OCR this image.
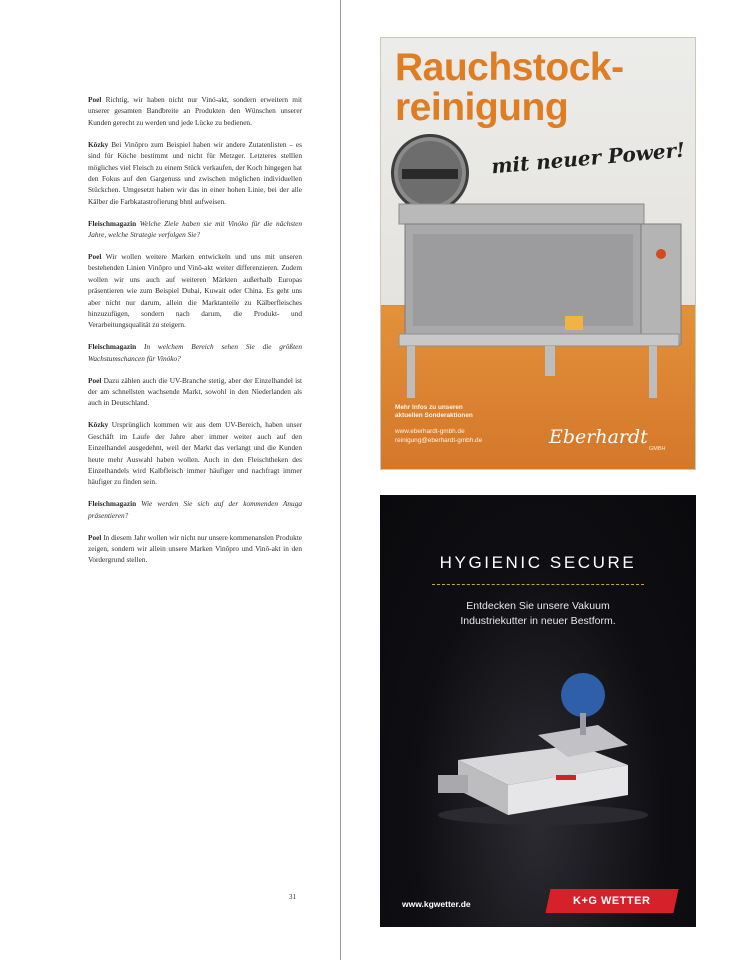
Poel Richtig, wir haben nicht nur Vinó-akt, sondern erweitern mit unserer gesamten Bandbreite an Produkten den Wünschen unserer Kunden gerecht zu werden und jede Lücke zu bedienen.

Kôzky Bei Vinõpro zum Beispiel haben wir andere Zutatenlisten – es sind für Köche bestimmt und nicht für Metzger. Letzteres stelllen mögliches viel Fleisch zu einem Stück verkaufen, der Koch hingegen hat den Fokus auf den Gargenuss und zwischen möglichen individuellen Stückchen. Umgesetzt haben wir das in einer hohen Linie, bei der alle Kälber die Farbkatastrofierung bhnl aufweisen.

Fleischmagazin Welche Ziele haben sie mit Vinóko für die nächsten Jahre, welche Strategie verfolgen Sie?

Poel Wir wollen weitere Marken entwickeln und uns mit unseren bestehenden Linien Vinõpro und Vinõ-akt weiter differenzieren. Zudem wollen wir uns auch auf weiteren Märkten außerhalb Europas präsentieren wie zum Beispiel Dubai, Kuwait oder China. Es geht uns aber nicht nur darum, allein die Marktanteile zu Kälberfleisches hinzuzufügen, sondern nach darum, die Produkt- und Verarbeitungsqualität zu steigern.

Fleischmagazin In welchem Bereich sehen Sie die größten Wachstumschancen für Vinóko?

Poel Dazu zählen auch die UV-Branche stetig, aber der Einzelhandel ist der am schnellsten wachsende Markt, sowohl in den Niederlanden als auch in Deutschland.

Kôzky Ursprünglich kommen wir aus dem UV-Bereich, haben unser Geschäft im Laufe der Jahre aber immer weiter auch auf den Einzelhandel ausgedehnt, weil der Markt das verlangt und die Kunden heute mehr Auswahl haben wollen. Auch in den Fleischtheken des Einzelhandels wird Kalbfleisch immer häufiger und nachfragt immer häufiger zu finden sein.

Fleischmagazin Wie werden Sie sich auf der kommenden Anuga präsentieren?

Poel In diesem Jahr wollen wir nicht nur unsere kommenanslen Produkte zeigen, sondern wir allein unsere Marken Vinõpro und Vinõ-akt in den Vordergrund stellen.

31
Rauchstock-
reinigung
mit neuer Power!
Mehr Infos zu unseren
aktuellen Sonderaktionen
www.eberhardt-gmbh.de
reinigung@eberhardt-gmbh.de	Eberhardt
GMBH
HYGIENIC SECURE
Entdecken Sie unsere Vakuum
Industriekutter in neuer Bestform.
www.kgwetter.de	K+G WETTER
